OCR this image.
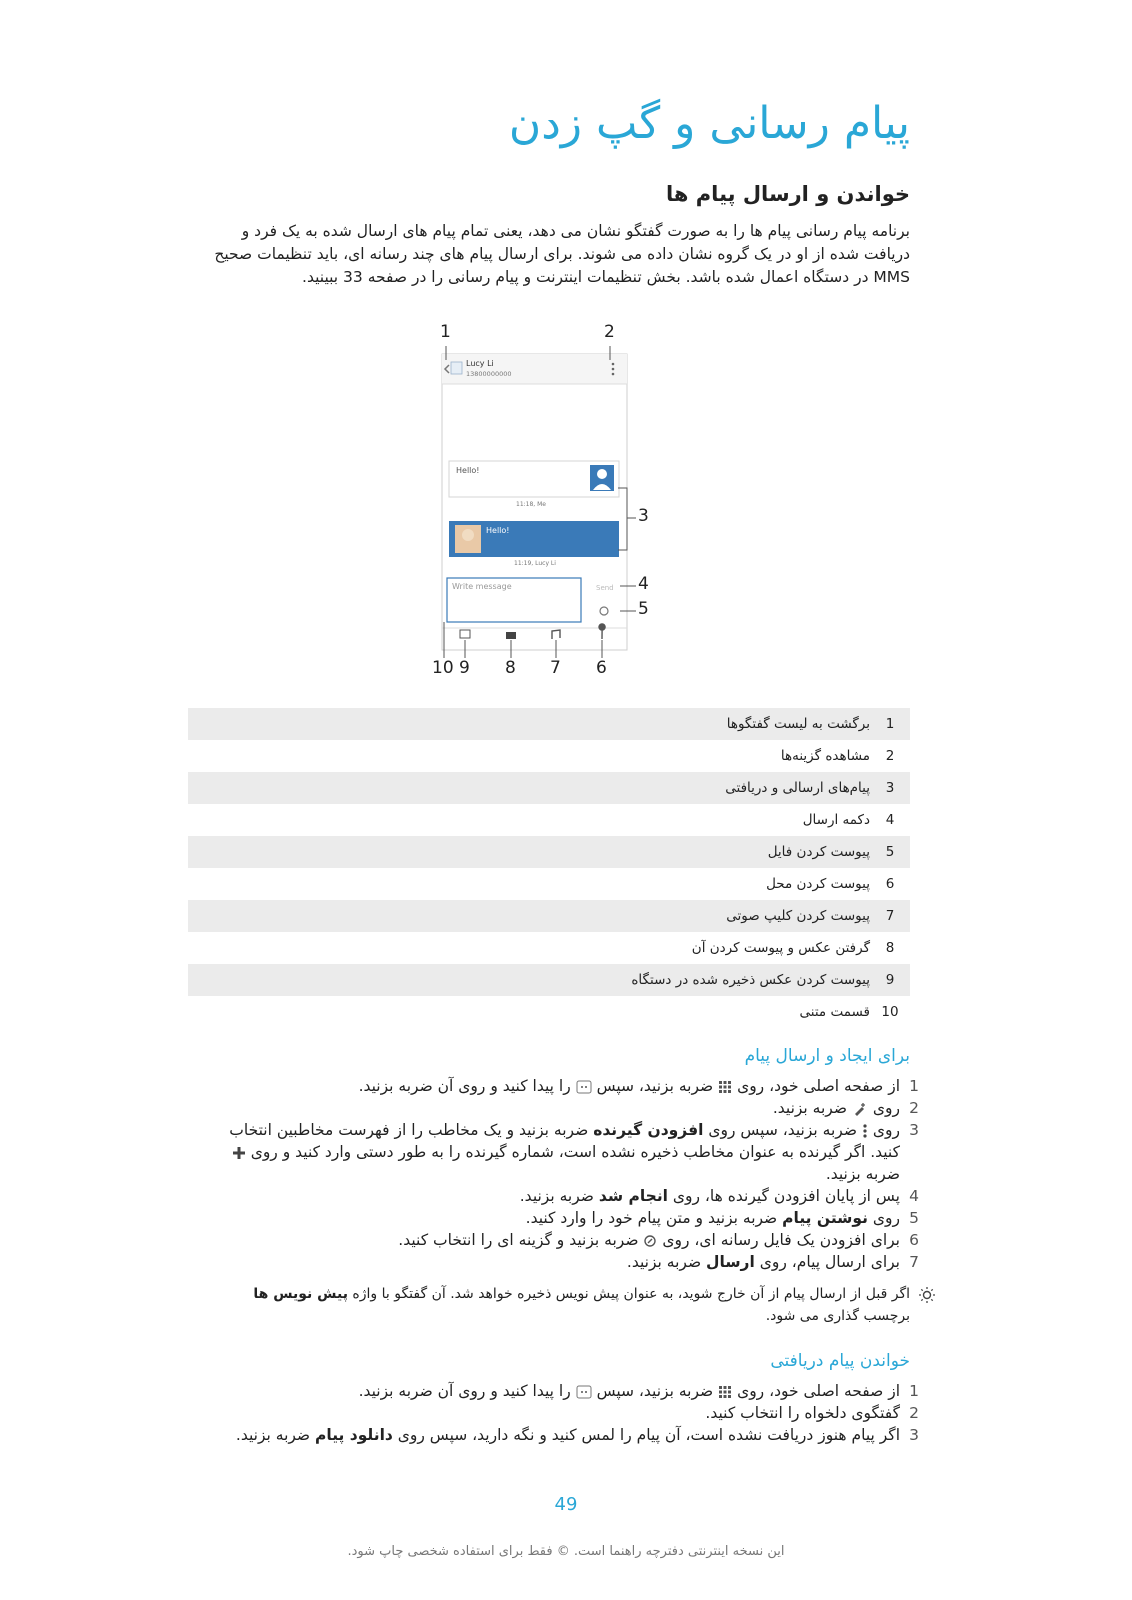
پیام رسانی و گپ زدن
خواندن و ارسال پیام ها

برنامه پیام رسانی پیام ها را به صورت گفتگو نشان می دهد، یعنی تمام پیام های ارسال شده به یک فرد و دریافت شده از او در یک گروه نشان داده می شوند. برای ارسال پیام های چند رسانه ای، باید تنظیمات صحیح MMS در دستگاه اعمال شده باشد. بخش تنظیمات اینترنت و پیام رسانی را در صفحه 33 ببینید.

Lucy Li
13800000000
Hello!
11:18, Me
Hello!
11:19, Lucy Li
Write message	Send
1	2
3
4
5
6
7
8
9
10
1
برگشت به لیست گفتگوها
2
مشاهده گزینه‌ها
3
پیام‌های ارسالی و دریافتی
4
دکمه ارسال
5
پیوست کردن فایل
6
پیوست کردن محل
7
پیوست کردن کلیپ صوتی
8
گرفتن عکس و پیوست کردن آن
9
پیوست کردن عکس ذخیره شده در دستگاه
10
قسمت متنی
برای ایجاد و ارسال پیام
1
از صفحه اصلی خود، روی  ضربه بزنید، سپس  را پیدا کنید و روی آن ضربه بزنید.
2
روی  ضربه بزنید.
3
روی  ضربه بزنید، سپس روی افزودن گیرنده ضربه بزنید و یک مخاطب را از فهرست مخاطبین انتخاب کنید. اگر گیرنده به عنوان مخاطب ذخیره نشده است، شماره گیرنده را به طور دستی وارد کنید و روی  ضربه بزنید.
4
پس از پایان افزودن گیرنده ها، روی انجام شد ضربه بزنید.
5
روی نوشتن پیام ضربه بزنید و متن پیام خود را وارد کنید.
6
برای افزودن یک فایل رسانه ای، روی  ضربه بزنید و گزینه ای را انتخاب کنید.
7
برای ارسال پیام، روی ارسال ضربه بزنید.

اگر قبل از ارسال پیام از آن خارج شوید، به عنوان پیش نویس ذخیره خواهد شد. آن گفتگو با واژه پیش نویس ها برچسب گذاری می شود.

خواندن پیام دریافتی
1
از صفحه اصلی خود، روی  ضربه بزنید، سپس  را پیدا کنید و روی آن ضربه بزنید.
2
گفتگوی دلخواه را انتخاب کنید.
3
اگر پیام هنوز دریافت نشده است، آن پیام را لمس کنید و نگه دارید، سپس روی دانلود پیام ضربه بزنید.
49
این نسخه اینترنتی دفترچه راهنما است. © فقط برای استفاده شخصی چاپ شود.
